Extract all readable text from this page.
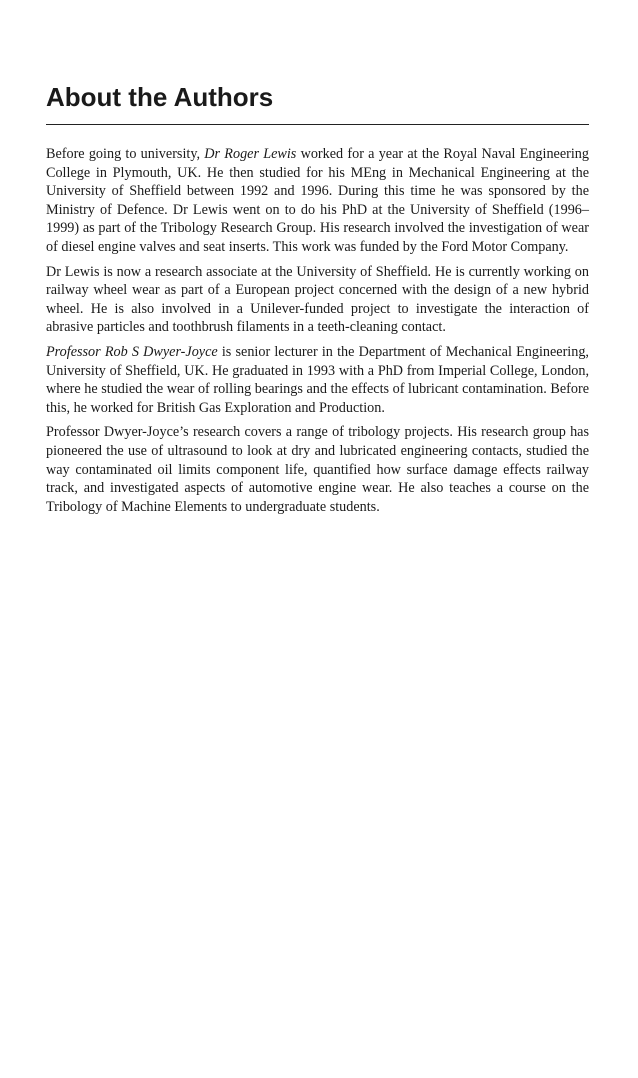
About the Authors

Before going to university, Dr Roger Lewis worked for a year at the Royal Naval Engineering College in Plymouth, UK. He then studied for his MEng in Mechanical Engineering at the University of Sheffield between 1992 and 1996. During this time he was sponsored by the Ministry of Defence. Dr Lewis went on to do his PhD at the University of Sheffield (1996–1999) as part of the Tribology Research Group. His research involved the investigation of wear of diesel engine valves and seat inserts. This work was funded by the Ford Motor Company.

Dr Lewis is now a research associate at the University of Sheffield. He is currently working on railway wheel wear as part of a European project concerned with the design of a new hybrid wheel. He is also involved in a Unilever-funded project to investigate the interaction of abrasive particles and toothbrush filaments in a teeth-cleaning contact.

Professor Rob S Dwyer-Joyce is senior lecturer in the Department of Mechanical Engineering, University of Sheffield, UK. He graduated in 1993 with a PhD from Imperial College, London, where he studied the wear of rolling bearings and the effects of lubricant contamination. Before this, he worked for British Gas Exploration and Production.

Professor Dwyer-Joyce’s research covers a range of tribology projects. His research group has pioneered the use of ultrasound to look at dry and lubricated engineering contacts, studied the way contaminated oil limits component life, quantified how surface damage effects railway track, and investigated aspects of automotive engine wear. He also teaches a course on the Tribology of Machine Elements to undergraduate students.
